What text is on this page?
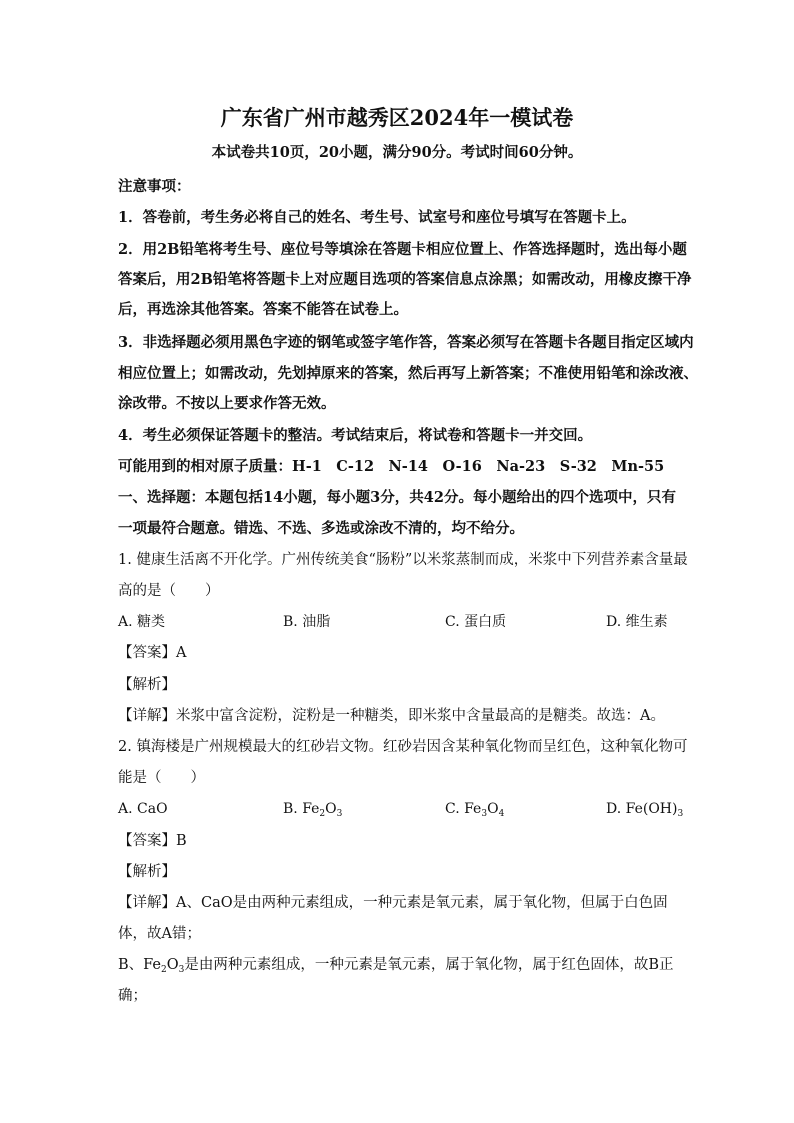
广东省广州市越秀区2024年一模试卷
本试卷共10页，20小题，满分90分。考试时间60分钟。
注意事项：
1．答卷前，考生务必将自己的姓名、考生号、试室号和座位号填写在答题卡上。
2．用2B铅笔将考生号、座位号等填涂在答题卡相应位置上、作答选择题时，选出每小题
答案后，用2B铅笔将答题卡上对应题目选项的答案信息点涂黑；如需改动，用橡皮擦干净
后，再选涂其他答案。答案不能答在试卷上。
3．非选择题必须用黑色字迹的钢笔或签字笔作答，答案必须写在答题卡各题目指定区域内
相应位置上；如需改动，先划掉原来的答案，然后再写上新答案；不准使用铅笔和涂改液、
涂改带。不按以上要求作答无效。
4．考生必须保证答题卡的整洁。考试结束后，将试卷和答题卡一并交回。
可能用到的相对原子质量：H-1　C-12　N-14　O-16　Na-23　S-32　Mn-55
一、选择题：本题包括14小题，每小题3分，共42分。每小题给出的四个选项中，只有
一项最符合题意。错选、不选、多选或涂改不清的，均不给分。
1. 健康生活离不开化学。广州传统美食“肠粉”以米浆蒸制而成，米浆中下列营养素含量最
高的是（　　）
A. 糖类	B. 油脂	C. 蛋白质	D. 维生素
【答案】A
【解析】
【详解】米浆中富含淀粉，淀粉是一种糖类，即米浆中含量最高的是糖类。故选：A。
2. 镇海楼是广州规模最大的红砂岩文物。红砂岩因含某种氧化物而呈红色，这种氧化物可
能是（　　）
A. CaO	B. $Fe_2O_3$	C. $Fe_3O_4$	D. $Fe(OH)_3$
【答案】B
【解析】
【详解】A、CaO是由两种元素组成，一种元素是氧元素，属于氧化物，但属于白色固
体，故A错；
B、$Fe_2O_3$是由两种元素组成，一种元素是氧元素，属于氧化物，属于红色固体，故B正
确；
